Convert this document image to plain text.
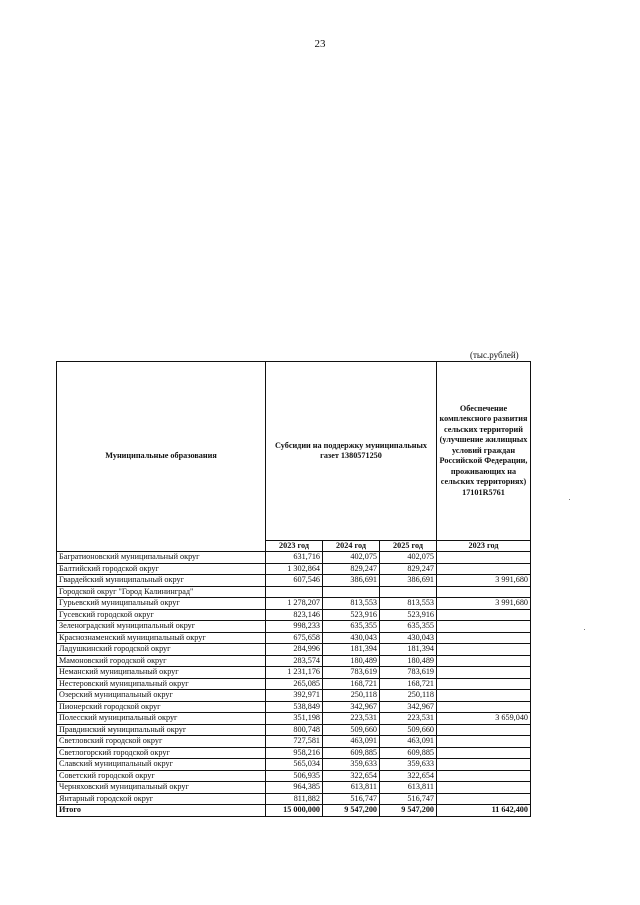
23
(тыс.рублей)
Муниципальные образования	Субсидии на поддержку муниципальных газет 1380571250			Обеспечение комплексного развития сельских территорий (улучшение жилищных условий граждан Российской Федерации, проживающих на сельских территориях) 17101R5761
	2023 год	2024 год	2025 год	2023 год
Багратионовский муниципальный округ	631,716	402,075	402,075	
Балтийский городской округ	1 302,864	829,247	829,247	
Гвардейский муниципальный округ	607,546	386,691	386,691	3 991,680
Городской округ "Город Калининград"				
Гурьевский муниципальный округ	1 278,207	813,553	813,553	3 991,680
Гусевский городской округ	823,146	523,916	523,916	
Зеленоградский муниципальный округ	998,233	635,355	635,355	
Краснознаменский муниципальный округ	675,658	430,043	430,043	
Ладушкинский городской округ	284,996	181,394	181,394	
Мамоновский городской округ	283,574	180,489	180,489	
Неманский муниципальный округ	1 231,176	783,619	783,619	
Нестеровский муниципальный округ	265,085	168,721	168,721	
Озерский муниципальный округ	392,971	250,118	250,118	
Пионерский городской округ	538,849	342,967	342,967	
Полесский муниципальный округ	351,198	223,531	223,531	3 659,040
Правдинский муниципальный округ	800,748	509,660	509,660	
Светловский городской округ	727,581	463,091	463,091	
Светлогорский городской округ	958,216	609,885	609,885	
Славский муниципальный округ	565,034	359,633	359,633	
Советский городской округ	506,935	322,654	322,654	
Черняховский муниципальный округ	964,385	613,811	613,811	
Янтарный городской округ	811,882	516,747	516,747	
Итого	15 000,000	9 547,200	9 547,200	11 642,400
